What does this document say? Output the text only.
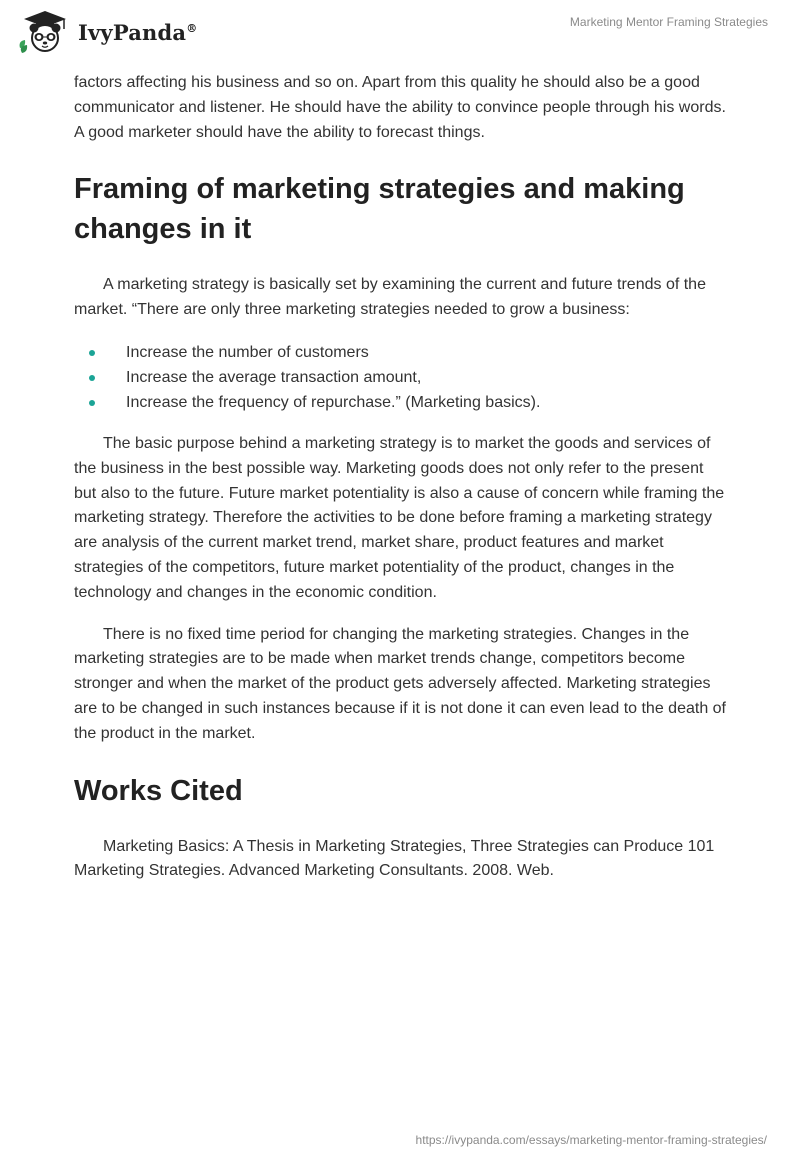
IvyPanda®	Marketing Mentor Framing Strategies

factors affecting his business and so on. Apart from this quality he should also be a good communicator and listener. He should have the ability to convince people through his words. A good marketer should have the ability to forecast things.

Framing of marketing strategies and making changes in it

A marketing strategy is basically set by examining the current and future trends of the market. “There are only three marketing strategies needed to grow a business:

Increase the number of customers
Increase the average transaction amount,
Increase the frequency of repurchase.” (Marketing basics).

The basic purpose behind a marketing strategy is to market the goods and services of the business in the best possible way. Marketing goods does not only refer to the present but also to the future. Future market potentiality is also a cause of concern while framing the marketing strategy. Therefore the activities to be done before framing a marketing strategy are analysis of the current market trend, market share, product features and market strategies of the competitors, future market potentiality of the product, changes in the technology and changes in the economic condition.

There is no fixed time period for changing the marketing strategies. Changes in the marketing strategies are to be made when market trends change, competitors become stronger and when the market of the product gets adversely affected. Marketing strategies are to be changed in such instances because if it is not done it can even lead to the death of the product in the market.

Works Cited

Marketing Basics: A Thesis in Marketing Strategies, Three Strategies can Produce 101 Marketing Strategies. Advanced Marketing Consultants. 2008. Web.

https://ivypanda.com/essays/marketing-mentor-framing-strategies/
